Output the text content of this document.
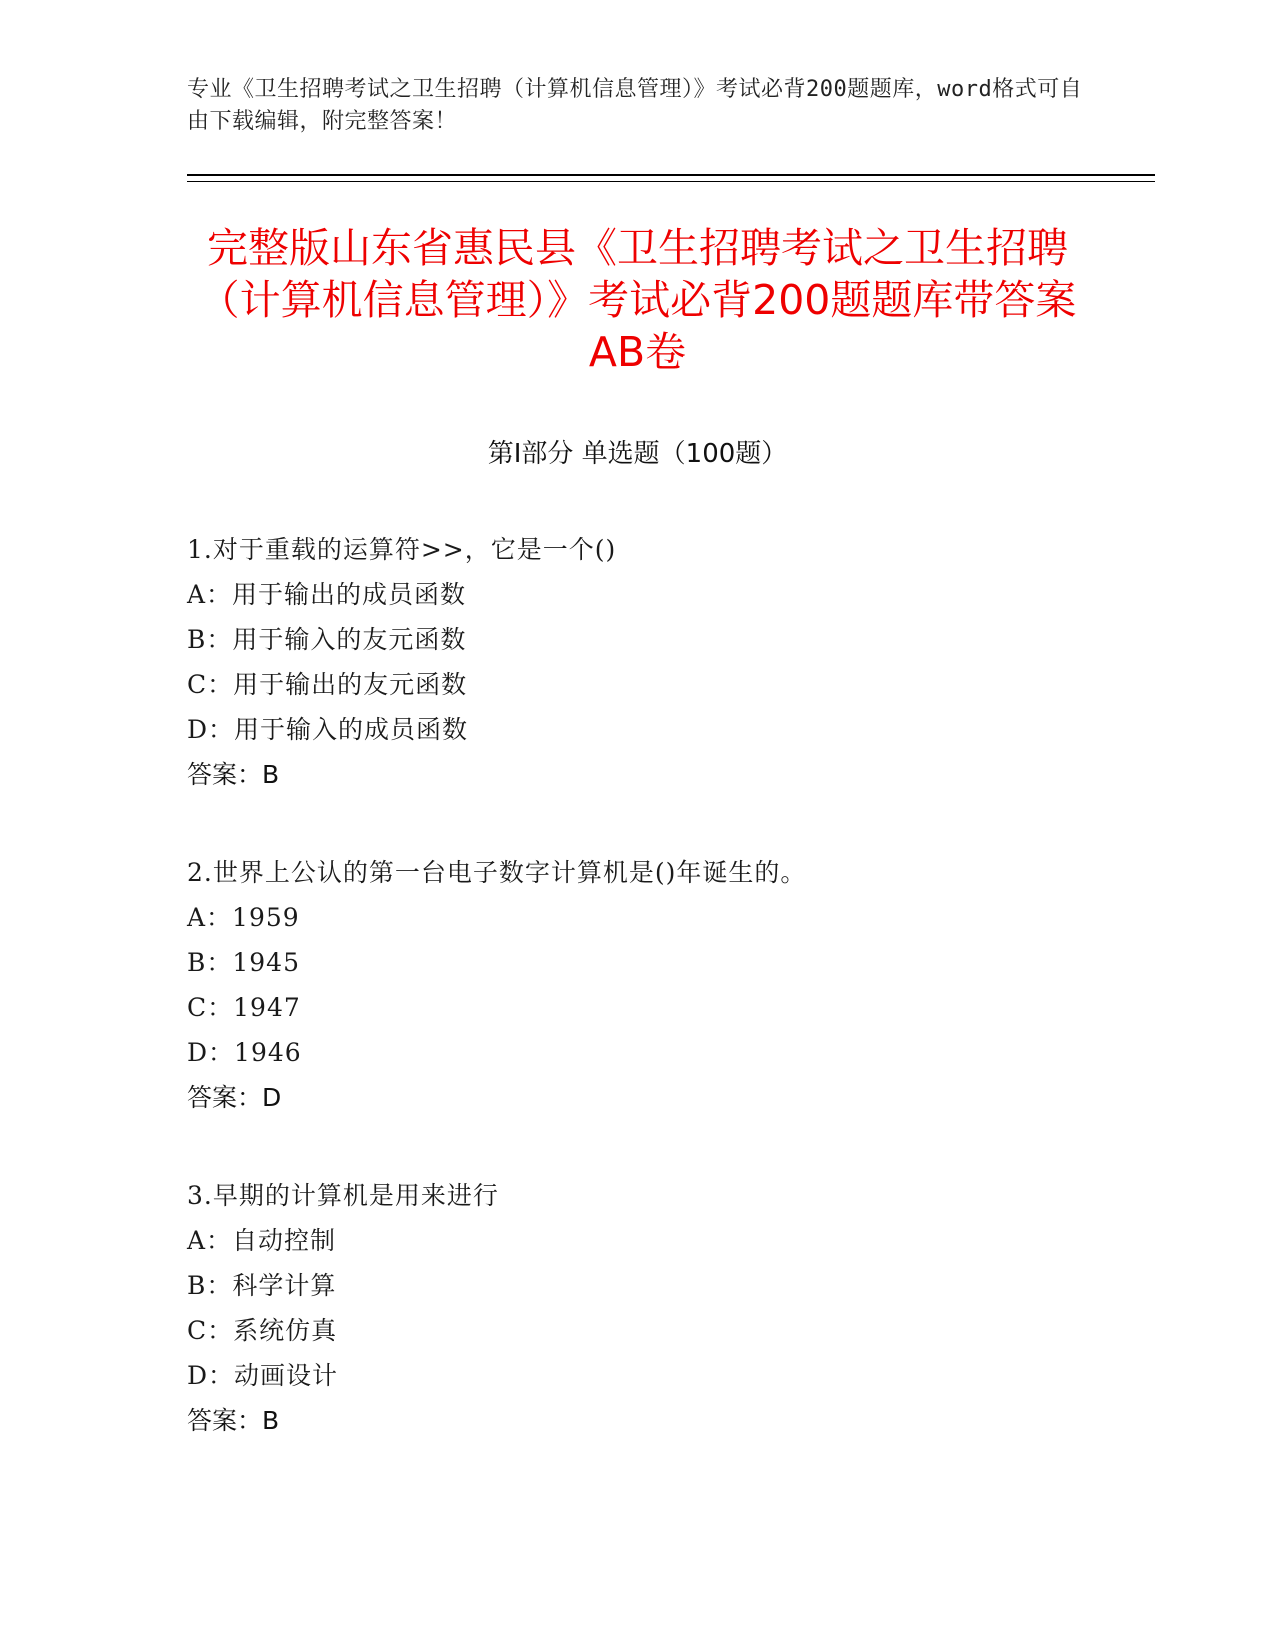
专业《卫生招聘考试之卫生招聘（计算机信息管理）》考试必背200题题库，word格式可自由下载编辑，附完整答案！
完整版山东省惠民县《卫生招聘考试之卫生招聘（计算机信息管理）》考试必背200题题库带答案AB卷
第Ⅰ部分 单选题（100题）
1.对于重载的运算符>>，它是一个()
A：用于输出的成员函数
B：用于输入的友元函数
C：用于输出的友元函数
D：用于输入的成员函数
答案：B
2.世界上公认的第一台电子数字计算机是()年诞生的。
A：1959
B：1945
C：1947
D：1946
答案：D
3.早期的计算机是用来进行
A：自动控制
B：科学计算
C：系统仿真
D：动画设计
答案：B
